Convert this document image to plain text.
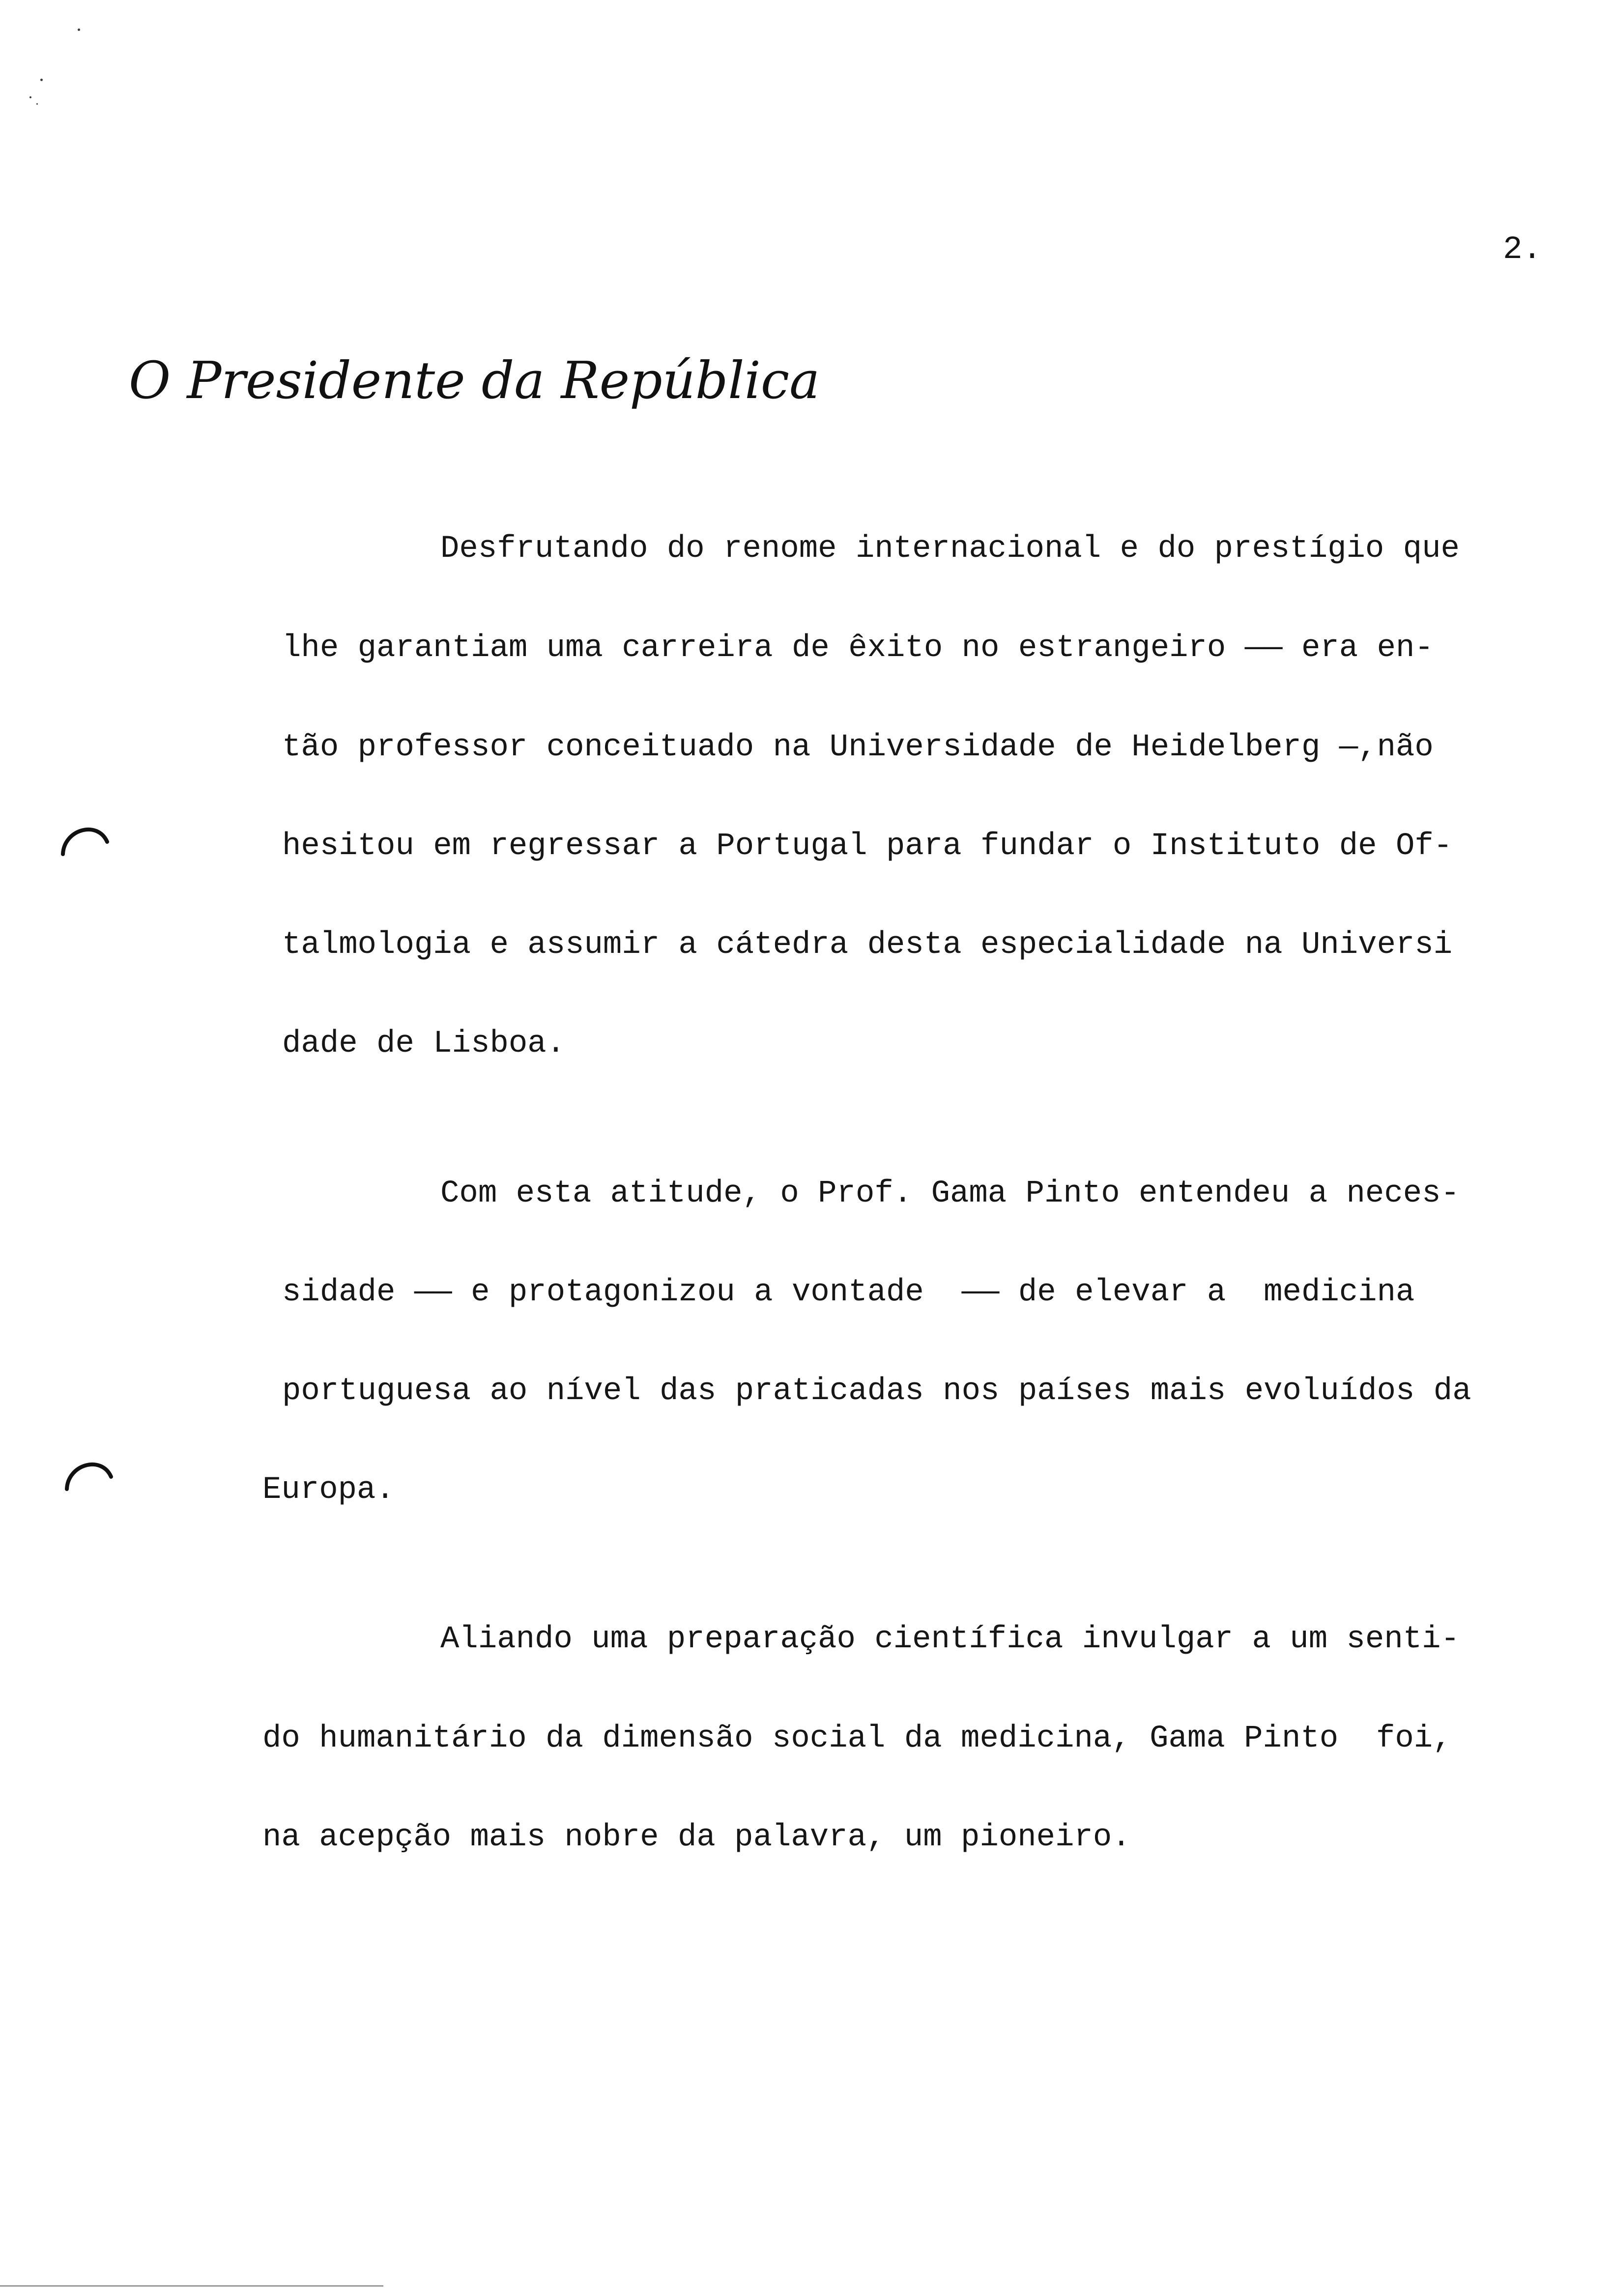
2.
O Presidente da República
Desfrutando do renome internacional e do prestígio que
lhe garantiam uma carreira de êxito no estrangeiro —— era en-
tão professor conceituado na Universidade de Heidelberg —,não
hesitou em regressar a Portugal para fundar o Instituto de Of-
talmologia e assumir a cátedra desta especialidade na Universi
dade de Lisboa.
Com esta atitude, o Prof. Gama Pinto entendeu a neces-
sidade —— e protagonizou a vontade  —— de elevar a  medicina
portuguesa ao nível das praticadas nos países mais evoluídos da
Europa.
Aliando uma preparação científica invulgar a um senti-
do humanitário da dimensão social da medicina, Gama Pinto  foi,
na acepção mais nobre da palavra, um pioneiro.
